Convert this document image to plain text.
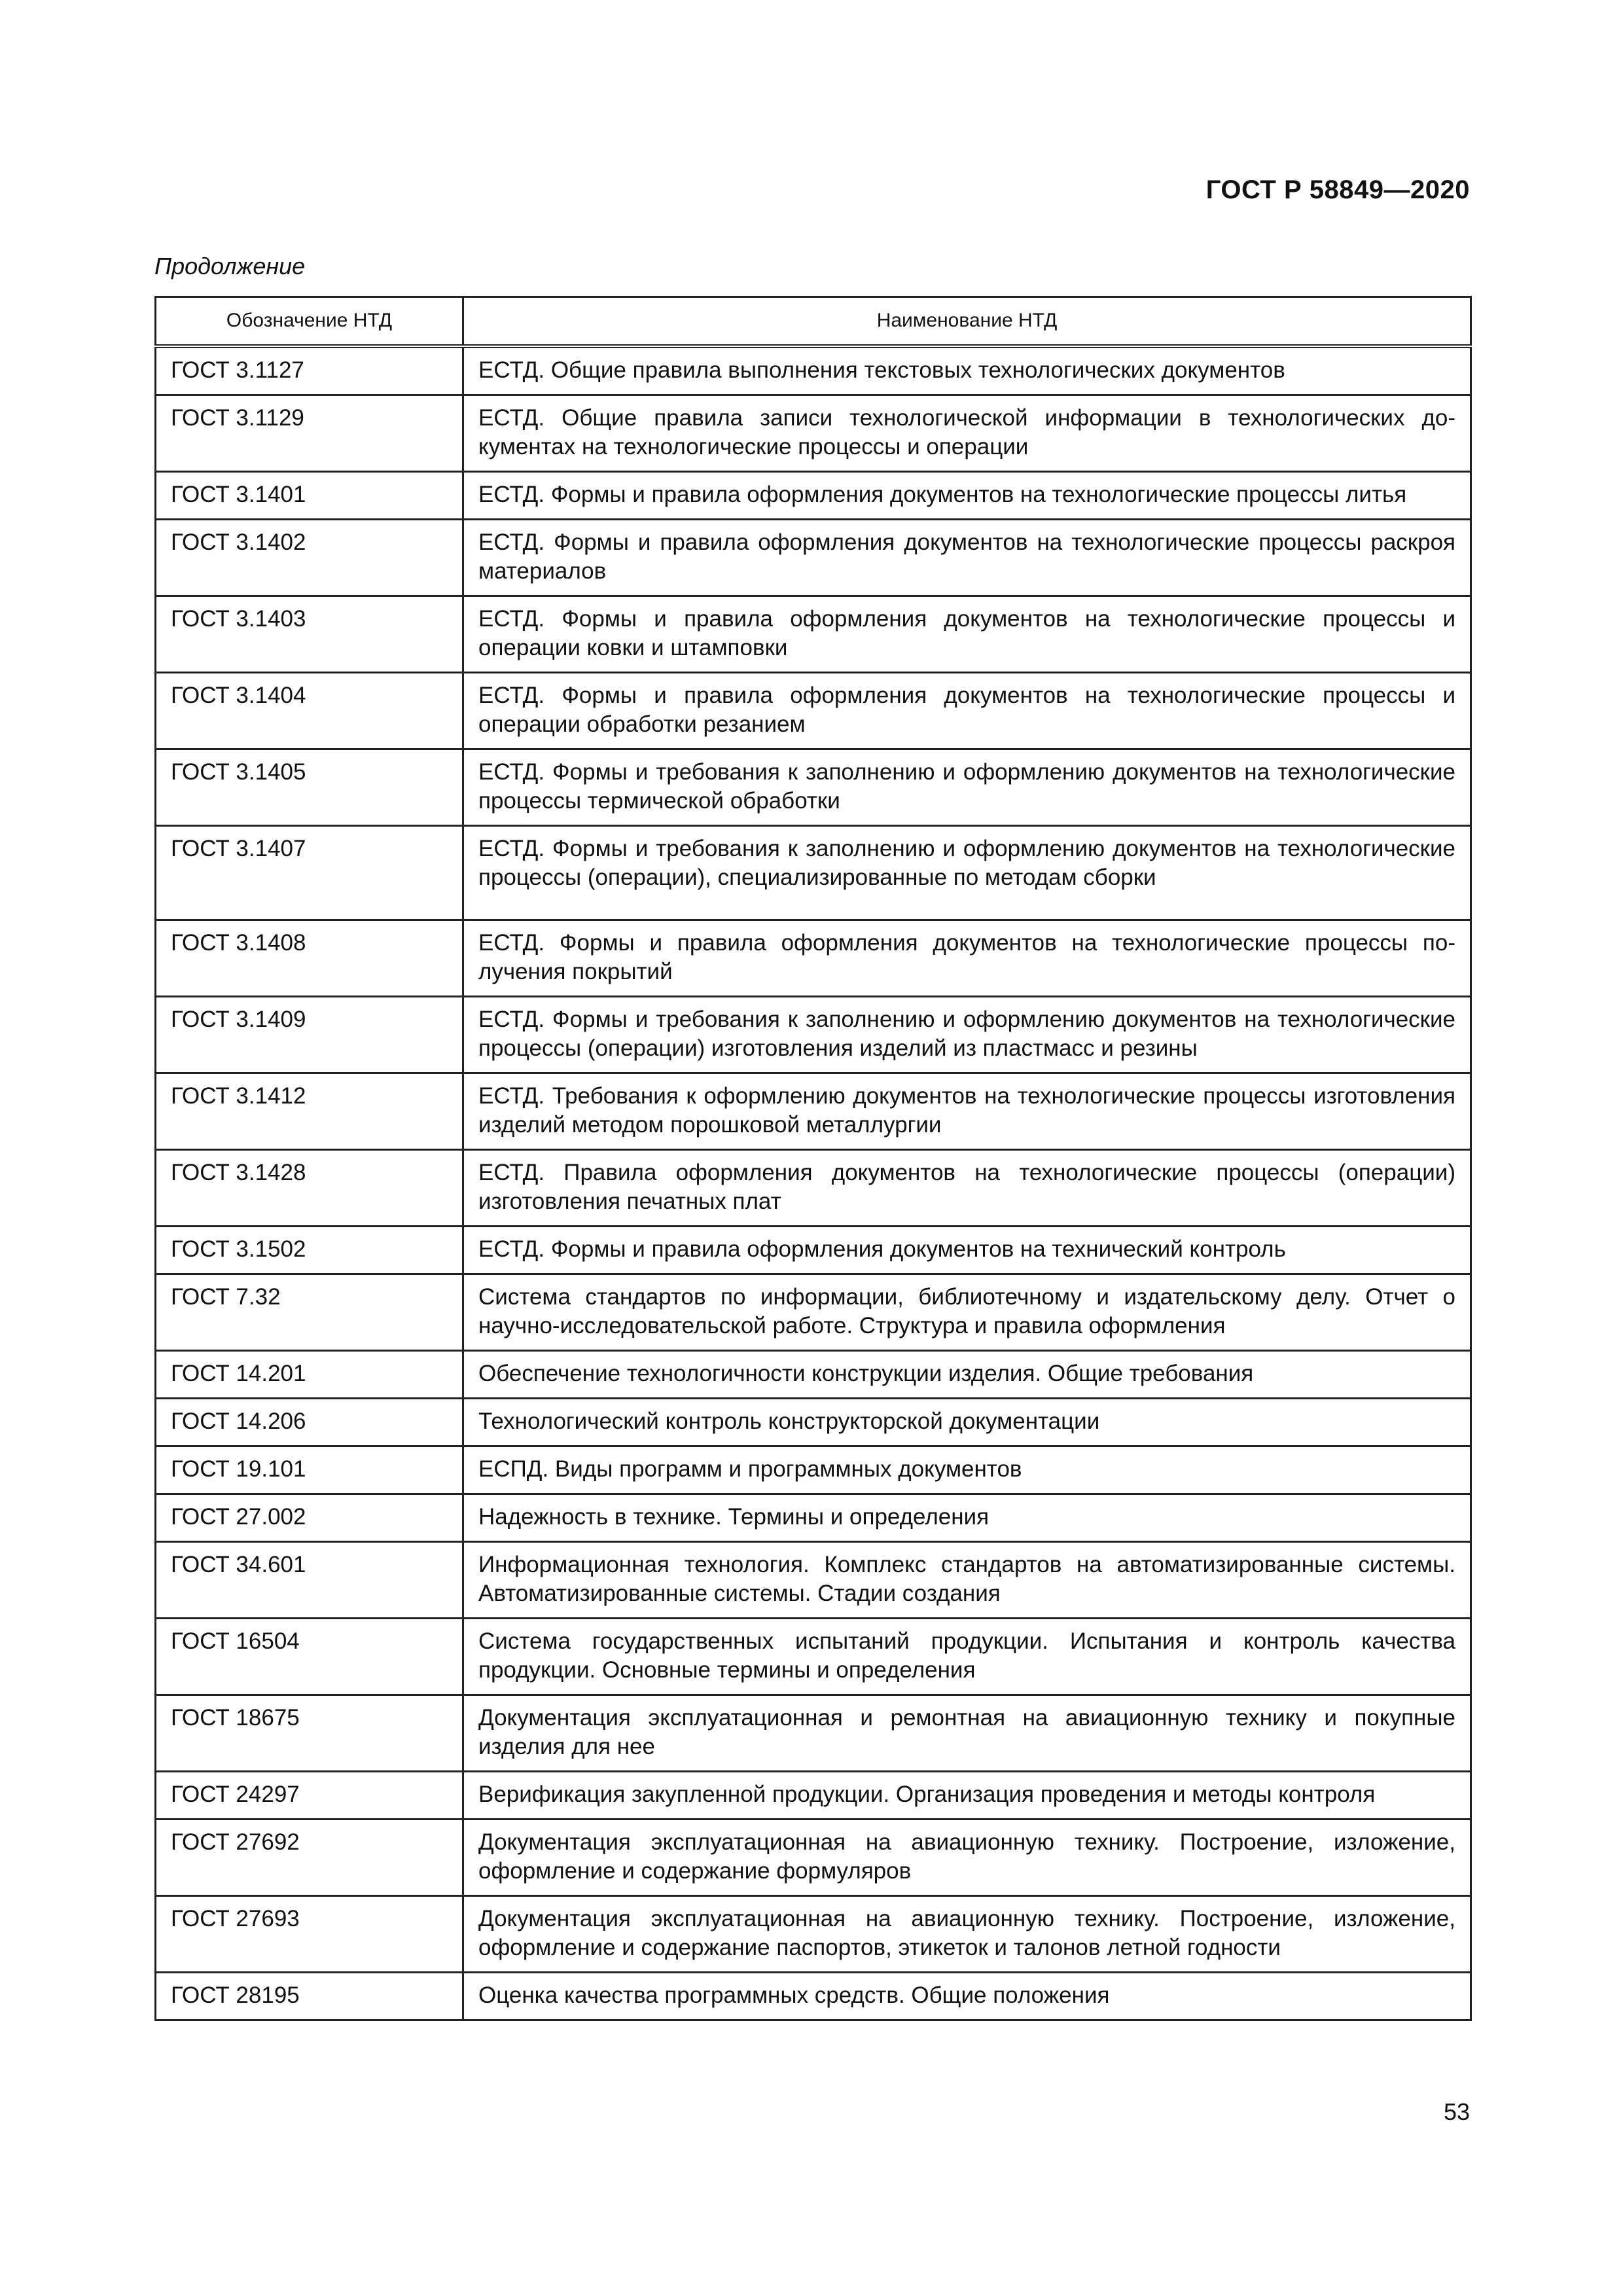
ГОСТ Р 58849—2020
Продолжение
Обозначение НТД	Наименование НТД
ГОСТ 3.1127	ЕСТД. Общие правила выполнения текстовых технологических документов
ГОСТ 3.1129	ЕСТД. Общие правила записи технологической информации в технологических документах на технологические процессы и операции
ГОСТ 3.1401	ЕСТД. Формы и правила оформления документов на технологические процессы литья
ГОСТ 3.1402	ЕСТД. Формы и правила оформления документов на технологические процессы раскроя материалов
ГОСТ 3.1403	ЕСТД. Формы и правила оформления документов на технологические процессы и операции ковки и штамповки
ГОСТ 3.1404	ЕСТД. Формы и правила оформления документов на технологические процессы и операции обработки резанием
ГОСТ 3.1405	ЕСТД. Формы и требования к заполнению и оформлению документов на технологические процессы термической обработки
ГОСТ 3.1407	ЕСТД. Формы и требования к заполнению и оформлению документов на технологические процессы (операции), специализированные по методам сборки
ГОСТ 3.1408	ЕСТД. Формы и правила оформления документов на технологические процессы получения покрытий
ГОСТ 3.1409	ЕСТД. Формы и требования к заполнению и оформлению документов на технологические процессы (операции) изготовления изделий из пластмасс и резины
ГОСТ 3.1412	ЕСТД. Требования к оформлению документов на технологические процессы изготовления изделий методом порошковой металлургии
ГОСТ 3.1428	ЕСТД. Правила оформления документов на технологические процессы (операции) изготовления печатных плат
ГОСТ 3.1502	ЕСТД. Формы и правила оформления документов на технический контроль
ГОСТ 7.32	Система стандартов по информации, библиотечному и издательскому делу. Отчет о научно-исследовательской работе. Структура и правила оформления
ГОСТ 14.201	Обеспечение технологичности конструкции изделия. Общие требования
ГОСТ 14.206	Технологический контроль конструкторской документации
ГОСТ 19.101	ЕСПД. Виды программ и программных документов
ГОСТ 27.002	Надежность в технике. Термины и определения
ГОСТ 34.601	Информационная технология. Комплекс стандартов на автоматизированные системы. Автоматизированные системы. Стадии создания
ГОСТ 16504	Система государственных испытаний продукции. Испытания и контроль качества продукции. Основные термины и определения
ГОСТ 18675	Документация эксплуатационная и ремонтная на авиационную технику и покупные изделия для нее
ГОСТ 24297	Верификация закупленной продукции. Организация проведения и методы контроля
ГОСТ 27692	Документация эксплуатационная на авиационную технику. Построение, изложение, оформление и содержание формуляров
ГОСТ 27693	Документация эксплуатационная на авиационную технику. Построение, изложение, оформление и содержание паспортов, этикеток и талонов летной годности
ГОСТ 28195	Оценка качества программных средств. Общие положения
53
